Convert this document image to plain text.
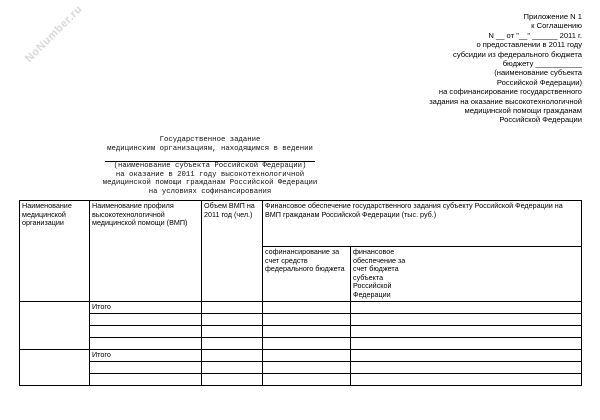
NoNumber.ru	Приложение N 1
к Соглашению
N __ от "__" ______ 2011 г.
о предоставлении в 2011 году
субсидии из федерального бюджета
бюджету ___________
(наименование субъекта
Российской Федерации)
на софинансирование государственного
задания на оказание высокотехнологичной
медицинской помощи гражданам
Российской Федерации
Государственное задание
медицинским организациям, находящимся в ведении
(наименование субъекта Российской Федерации)
на оказание в 2011 году высокотехнологичной
медицинской помощи гражданам Российской Федерации
на условиях софинансирования
Наименование медицинской организации	Наименование профиля высокотехнологичной медицинской помощи (ВМП)	Объем ВМП на 2011 год (чел.)	Финансовое обеспечение государственного задания субъекту Российской Федерации на ВМП гражданам Российской Федерации (тыс. руб.)	
			софинансирование за счет средств федерального бюджета	финансовое обеспечение за счет бюджета субъекта Российской Федерации

	Итого			

	Итого			
